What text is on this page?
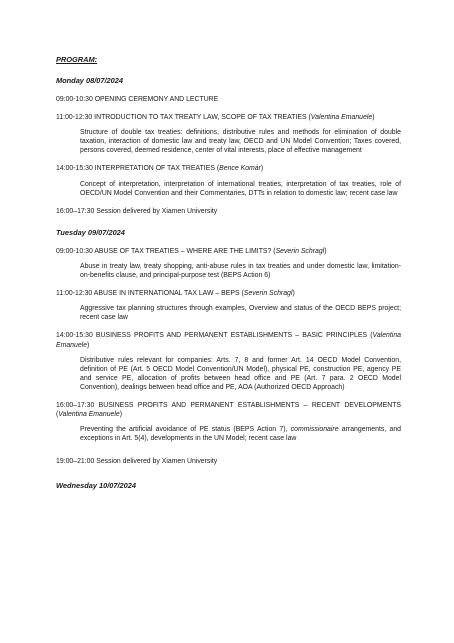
PROGRAM:

Monday 08/07/2024

09:00-10:30 OPENING CEREMONY AND LECTURE

11:00-12:30 INTRODUCTION TO TAX TREATY LAW, SCOPE OF TAX TREATIES (Valentina Emanuele)

Structure of double tax treaties: definitions, distributive rules and methods for elimination of double taxation, interaction of domestic law and treaty law, OECD and UN Model Convention; Taxes covered, persons covered, deemed residence, center of vital interests, place of effective management

14:00-15:30 INTERPRETATION OF TAX TREATIES (Bence Komár)

Concept of interpretation, interpretation of international treaties, interpretation of tax treaties, role of OECD/UN Model Convention and their Commentaries, DTTs in relation to domestic law; recent case law

16:00–17:30 Session delivered by Xiamen University

Tuesday 09/07/2024

09:00-10:30 ABUSE OF TAX TREATIES – WHERE ARE THE LIMITS? (Severin Schragl)

Abuse in treaty law, treaty shopping, anti-abuse rules in tax treaties and under domestic law, limitation-on-benefits clause, and principal-purpose test (BEPS Action 6)

11:00-12:30 ABUSE IN INTERNATIONAL TAX LAW – BEPS (Severin Schragl)

Aggressive tax planning structures through examples, Overview and status of the OECD BEPS project; recent case law

14:00-15:30 BUSINESS PROFITS AND PERMANENT ESTABLISHMENTS – BASIC PRINCIPLES (Valentina Emanuele)

Distributive rules relevant for companies: Arts. 7, 8 and former Art. 14 OECD Model Convention, definition of PE (Art. 5 OECD Model Convention/UN Model), physical PE, construction PE, agency PE and service PE, allocation of profits between head office and PE (Art. 7 para. 2 OECD Model Convention), dealings between head office and PE, AOA (Authorized OECD Approach)

16:00–17:30 BUSINESS PROFITS AND PERMANENT ESTABLISHMENTS – RECENT DEVELOPMENTS (Valentina Emanuele)

Preventing the artificial avoidance of PE status (BEPS Action 7), commissionaire arrangements, and exceptions in Art. 5(4), developments in the UN Model; recent case law

19:00–21:00 Session delivered by Xiamen University

Wednesday 10/07/2024
